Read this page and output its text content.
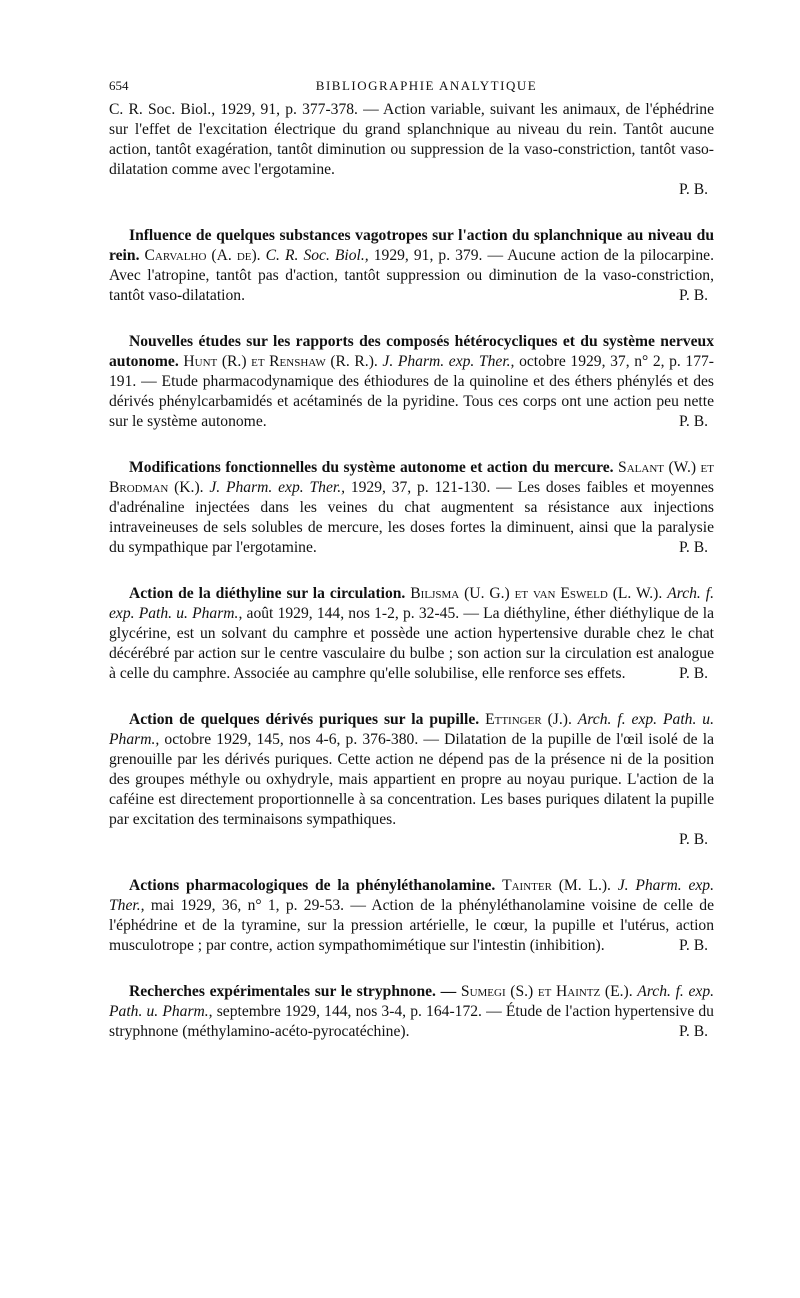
654	BIBLIOGRAPHIE ANALYTIQUE

C. R. Soc. Biol., 1929, 91, p. 377-378. — Action variable, suivant les animaux, de l'éphédrine sur l'effet de l'excitation électrique du grand splanchnique au niveau du rein. Tantôt aucune action, tantôt exagération, tantôt diminution ou suppression de la vaso-constriction, tantôt vaso-dilatation comme avec l'ergotamine.
P. B.

Influence de quelques substances vagotropes sur l'action du splanchnique au niveau du rein. Carvalho (A. de). C. R. Soc. Biol., 1929, 91, p. 379. — Aucune action de la pilocarpine. Avec l'atropine, tantôt pas d'action, tantôt suppression ou diminution de la vaso-constriction, tantôt vaso-dilatation.	P. B.

Nouvelles études sur les rapports des composés hétérocycliques et du système nerveux autonome. Hunt (R.) et Renshaw (R. R.). J. Pharm. exp. Ther., octobre 1929, 37, n° 2, p. 177-191. — Etude pharmacodynamique des éthiodures de la quinoline et des éthers phénylés et des dérivés phénylcarbamidés et acétaminés de la pyridine. Tous ces corps ont une action peu nette sur le système autonome.	P. B.

Modifications fonctionnelles du système autonome et action du mercure. Salant (W.) et Brodman (K.). J. Pharm. exp. Ther., 1929, 37, p. 121-130. — Les doses faibles et moyennes d'adrénaline injectées dans les veines du chat augmentent sa résistance aux injections intraveineuses de sels solubles de mercure, les doses fortes la diminuent, ainsi que la paralysie du sympathique par l'ergotamine.	P. B.

Action de la diéthyline sur la circulation. Biljsma (U. G.) et van Esweld (L. W.). Arch. f. exp. Path. u. Pharm., août 1929, 144, nos 1-2, p. 32-45. — La diéthyline, éther diéthylique de la glycérine, est un solvant du camphre et possède une action hypertensive durable chez le chat décérébré par action sur le centre vasculaire du bulbe ; son action sur la circulation est analogue à celle du camphre. Associée au camphre qu'elle solubilise, elle renforce ses effets.	P. B.

Action de quelques dérivés puriques sur la pupille. Ettinger (J.). Arch. f. exp. Path. u. Pharm., octobre 1929, 145, nos 4-6, p. 376-380. — Dilatation de la pupille de l'œil isolé de la grenouille par les dérivés puriques. Cette action ne dépend pas de la présence ni de la position des groupes méthyle ou oxhydryle, mais appartient en propre au noyau purique. L'action de la caféine est directement proportionnelle à sa concentration. Les bases puriques dilatent la pupille par excitation des terminaisons sympathiques.
P. B.

Actions pharmacologiques de la phényléthanolamine. Tainter (M. L.). J. Pharm. exp. Ther., mai 1929, 36, n° 1, p. 29-53. — Action de la phényléthanolamine voisine de celle de l'éphédrine et de la tyramine, sur la pression artérielle, le cœur, la pupille et l'utérus, action musculotrope ; par contre, action sympathomimétique sur l'intestin (inhibition).	P. B.

Recherches expérimentales sur le stryphnone. — Sumegi (S.) et Haintz (E.). Arch. f. exp. Path. u. Pharm., septembre 1929, 144, nos 3-4, p. 164-172. — Étude de l'action hypertensive du stryphnone (méthylamino-acéto-pyrocatéchine).	P. B.
